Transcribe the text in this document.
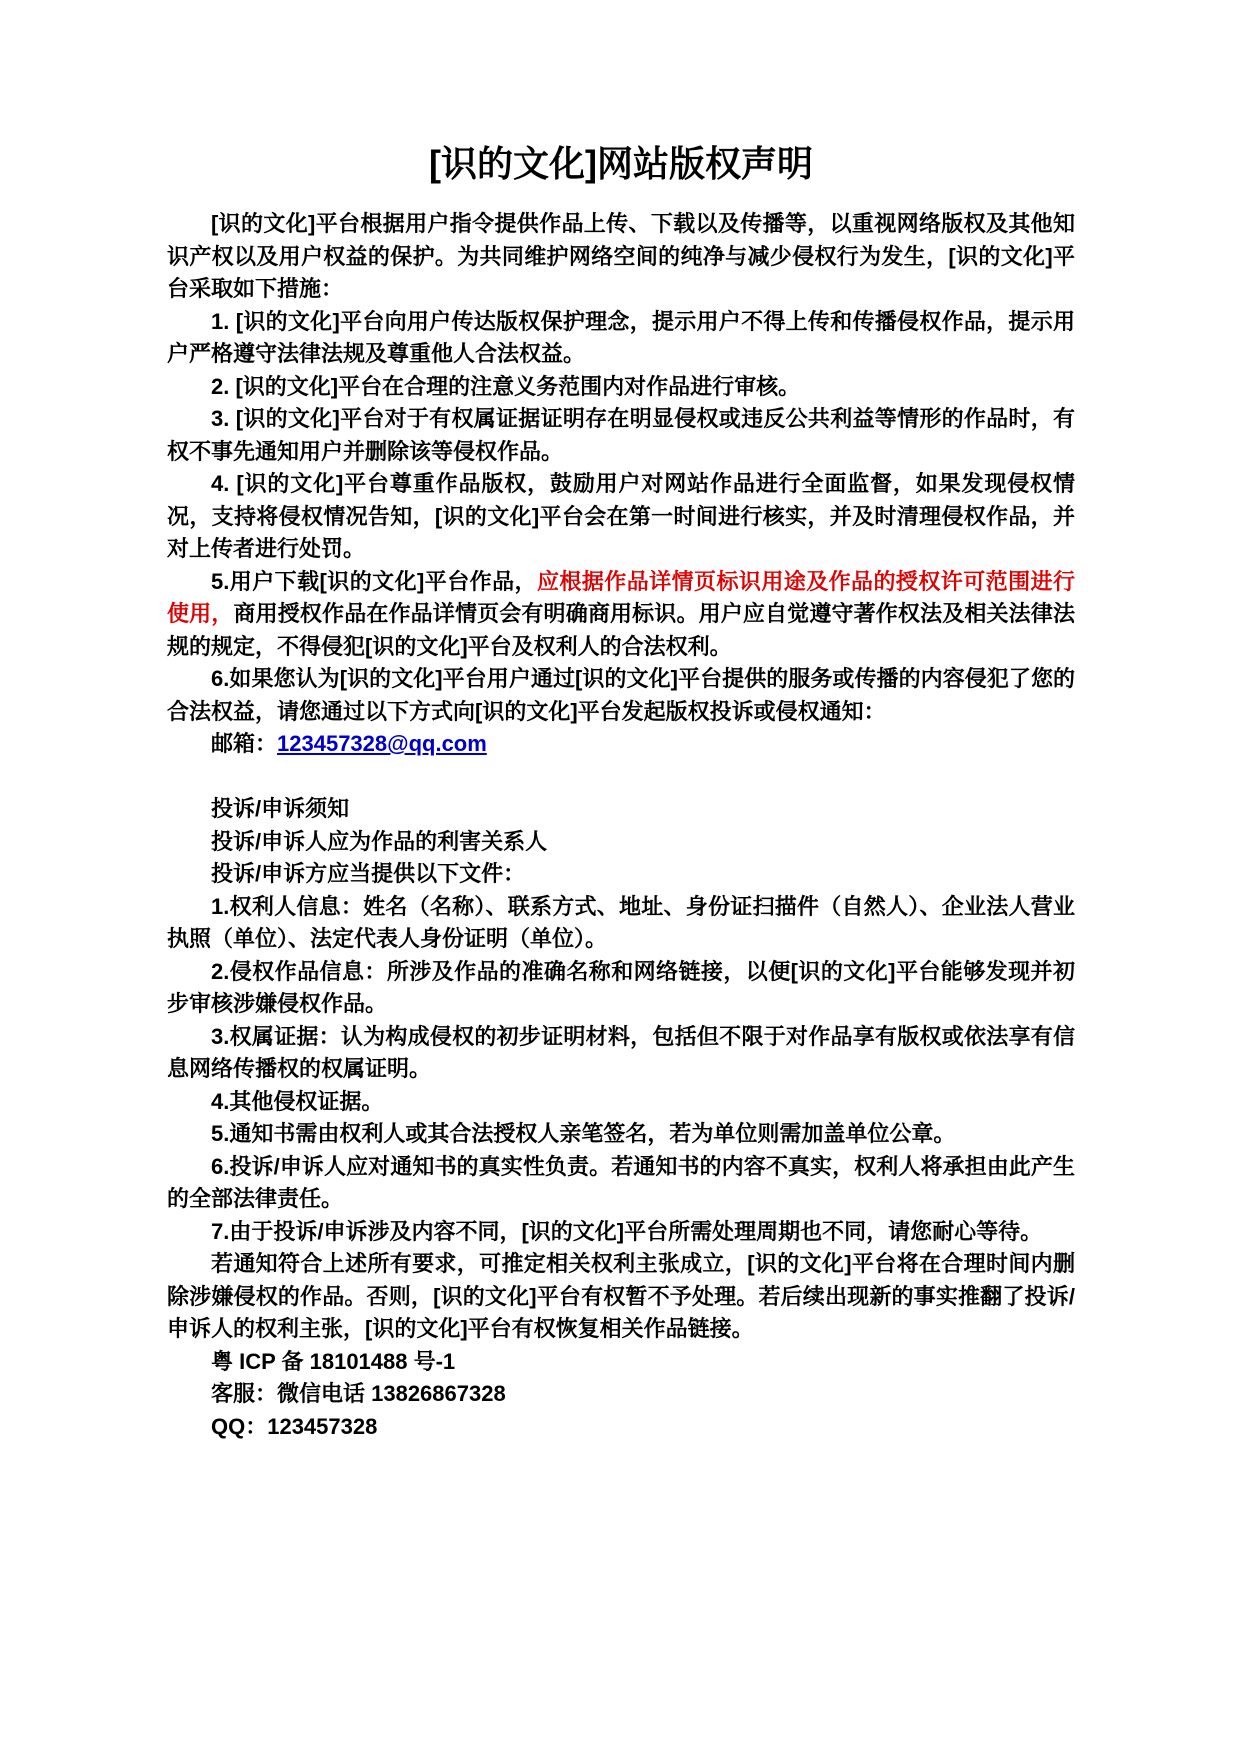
[识的文化]网站版权声明

[识的文化]平台根据用户指令提供作品上传、下载以及传播等，以重视网络版权及其他知识产权以及用户权益的保护。为共同维护网络空间的纯净与减少侵权行为发生，[识的文化]平台采取如下措施：

1. [识的文化]平台向用户传达版权保护理念，提示用户不得上传和传播侵权作品，提示用户严格遵守法律法规及尊重他人合法权益。

2. [识的文化]平台在合理的注意义务范围内对作品进行审核。

3. [识的文化]平台对于有权属证据证明存在明显侵权或违反公共利益等情形的作品时，有权不事先通知用户并删除该等侵权作品。

4. [识的文化]平台尊重作品版权，鼓励用户对网站作品进行全面监督，如果发现侵权情况，支持将侵权情况告知，[识的文化]平台会在第一时间进行核实，并及时清理侵权作品，并对上传者进行处罚。

5.用户下载[识的文化]平台作品，应根据作品详情页标识用途及作品的授权许可范围进行使用，商用授权作品在作品详情页会有明确商用标识。用户应自觉遵守著作权法及相关法律法规的规定，不得侵犯[识的文化]平台及权利人的合法权利。

6.如果您认为[识的文化]平台用户通过[识的文化]平台提供的服务或传播的内容侵犯了您的合法权益，请您通过以下方式向[识的文化]平台发起版权投诉或侵权通知：

邮箱：123457328@qq.com

投诉/申诉须知

投诉/申诉人应为作品的利害关系人

投诉/申诉方应当提供以下文件：

1.权利人信息：姓名（名称）、联系方式、地址、身份证扫描件（自然人）、企业法人营业执照（单位）、法定代表人身份证明（单位）。

2.侵权作品信息：所涉及作品的准确名称和网络链接，以便[识的文化]平台能够发现并初步审核涉嫌侵权作品。

3.权属证据：认为构成侵权的初步证明材料，包括但不限于对作品享有版权或依法享有信息网络传播权的权属证明。

4.其他侵权证据。

5.通知书需由权利人或其合法授权人亲笔签名，若为单位则需加盖单位公章。

6.投诉/申诉人应对通知书的真实性负责。若通知书的内容不真实，权利人将承担由此产生的全部法律责任。

7.由于投诉/申诉涉及内容不同，[识的文化]平台所需处理周期也不同，请您耐心等待。

若通知符合上述所有要求，可推定相关权利主张成立，[识的文化]平台将在合理时间内删除涉嫌侵权的作品。否则，[识的文化]平台有权暂不予处理。若后续出现新的事实推翻了投诉/申诉人的权利主张，[识的文化]平台有权恢复相关作品链接。

粤 ICP 备 18101488 号-1

客服：微信电话 13826867328

QQ：123457328
